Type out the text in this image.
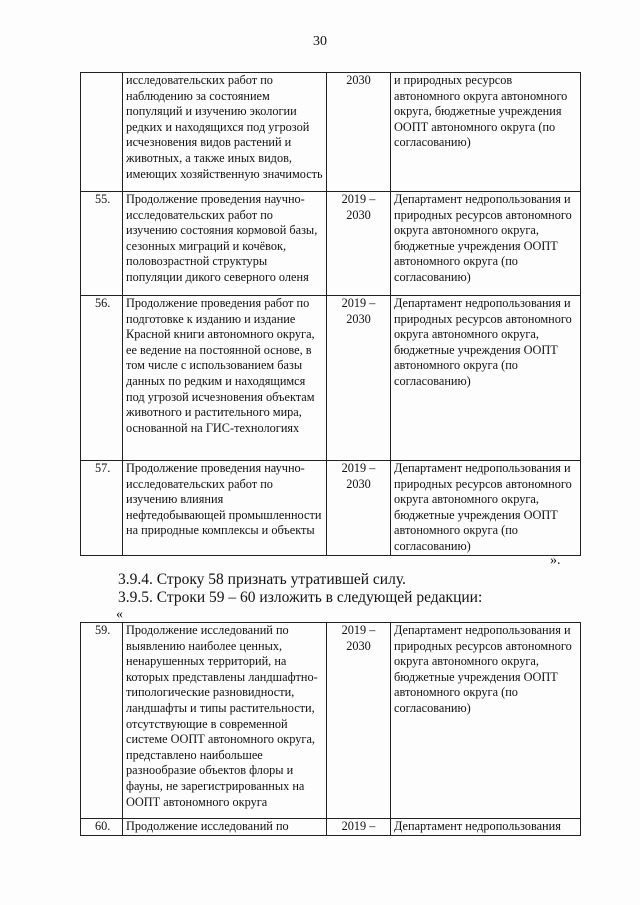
30
	исследовательских работ по наблюдению за состоянием популяций и изучению экологии редких и находящихся под угрозой исчезновения видов растений и животных, а также иных видов, имеющих хозяйственную значимость	2030	и природных ресурсов автономного округа автономного округа, бюджетные учреждения ООПТ автономного округа (по согласованию)
55.	Продолжение проведения научно-исследовательских работ по изучению состояния кормовой базы, сезонных миграций и кочёвок, половозрастной структуры популяции дикого северного оленя	2019 – 2030	Департамент недропользования и природных ресурсов автономного округа автономного округа, бюджетные учреждения ООПТ автономного округа (по согласованию)
56.	Продолжение проведения работ по подготовке к изданию и издание Красной книги автономного округа, ее ведение на постоянной основе, в том числе с использованием базы данных по редким и находящимся под угрозой исчезновения объектам животного и растительного мира, основанной на ГИС-технологиях	2019 – 2030	Департамент недропользования и природных ресурсов автономного округа автономного округа, бюджетные учреждения ООПТ автономного округа (по согласованию)
57.	Продолжение проведения научно-исследовательских работ по изучению влияния нефтедобывающей промышленности на природные комплексы и объекты	2019 – 2030	Департамент недропользования и природных ресурсов автономного округа автономного округа, бюджетные учреждения ООПТ автономного округа (по согласованию)
».
3.9.4. Строку 58 признать утратившей силу.
3.9.5. Строки 59 – 60 изложить в следующей редакции:
«
59.	Продолжение исследований по выявлению наиболее ценных, ненарушенных территорий, на которых представлены ландшафтно-типологические разновидности, ландшафты и типы растительности, отсутствующие в современной системе ООПТ автономного округа, представлено наибольшее разнообразие объектов флоры и фауны, не зарегистрированных на ООПТ автономного округа	2019 – 2030	Департамент недропользования и природных ресурсов автономного округа автономного округа, бюджетные учреждения ООПТ автономного округа (по согласованию)
60.	Продолжение исследований по	2019 –	Департамент недропользования
